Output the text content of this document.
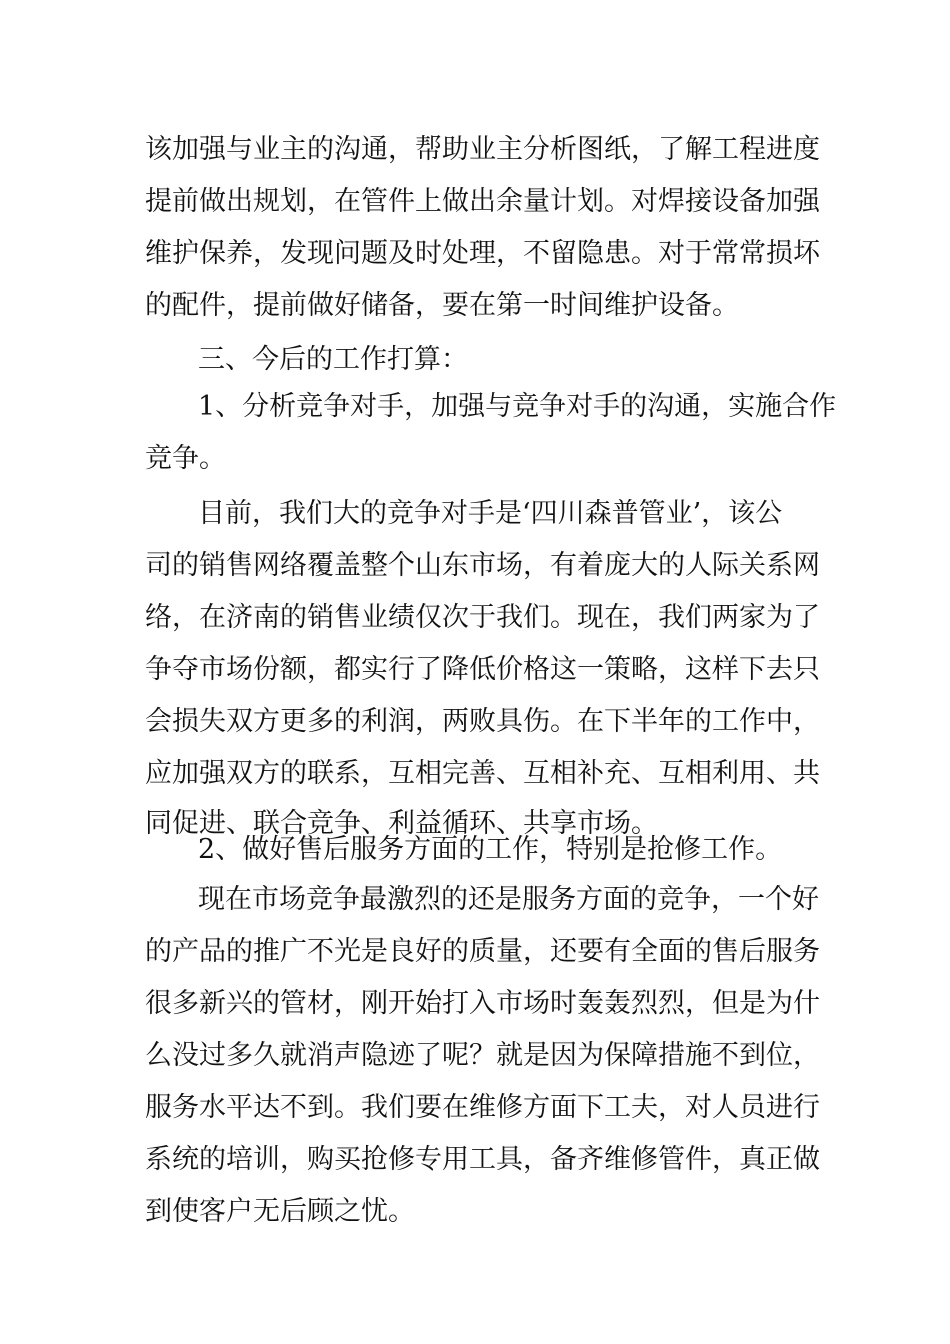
该加强与业主的沟通，帮助业主分析图纸，了解工程进度
提前做出规划，在管件上做出余量计划。对焊接设备加强
维护保养，发现问题及时处理，不留隐患。对于常常损坏
的配件，提前做好储备，要在第一时间维护设备。
三、今后的工作打算：
1、分析竞争对手，加强与竞争对手的沟通，实施合作
竞争。
目前，我们大的竞争对手是‘四川森普管业’，该公
司的销售网络覆盖整个山东市场，有着庞大的人际关系网
络，在济南的销售业绩仅次于我们。现在，我们两家为了
争夺市场份额，都实行了降低价格这一策略，这样下去只
会损失双方更多的利润，两败具伤。在下半年的工作中，
应加强双方的联系，互相完善、互相补充、互相利用、共
同促进、联合竞争、利益循环、共享市场。
2、做好售后服务方面的工作，特别是抢修工作。
现在市场竞争最激烈的还是服务方面的竞争，一个好
的产品的推广不光是良好的质量，还要有全面的售后服务
很多新兴的管材，刚开始打入市场时轰轰烈烈，但是为什
么没过多久就消声隐迹了呢？就是因为保障措施不到位，
服务水平达不到。我们要在维修方面下工夫，对人员进行
系统的培训，购买抢修专用工具，备齐维修管件，真正做
到使客户无后顾之忧。
